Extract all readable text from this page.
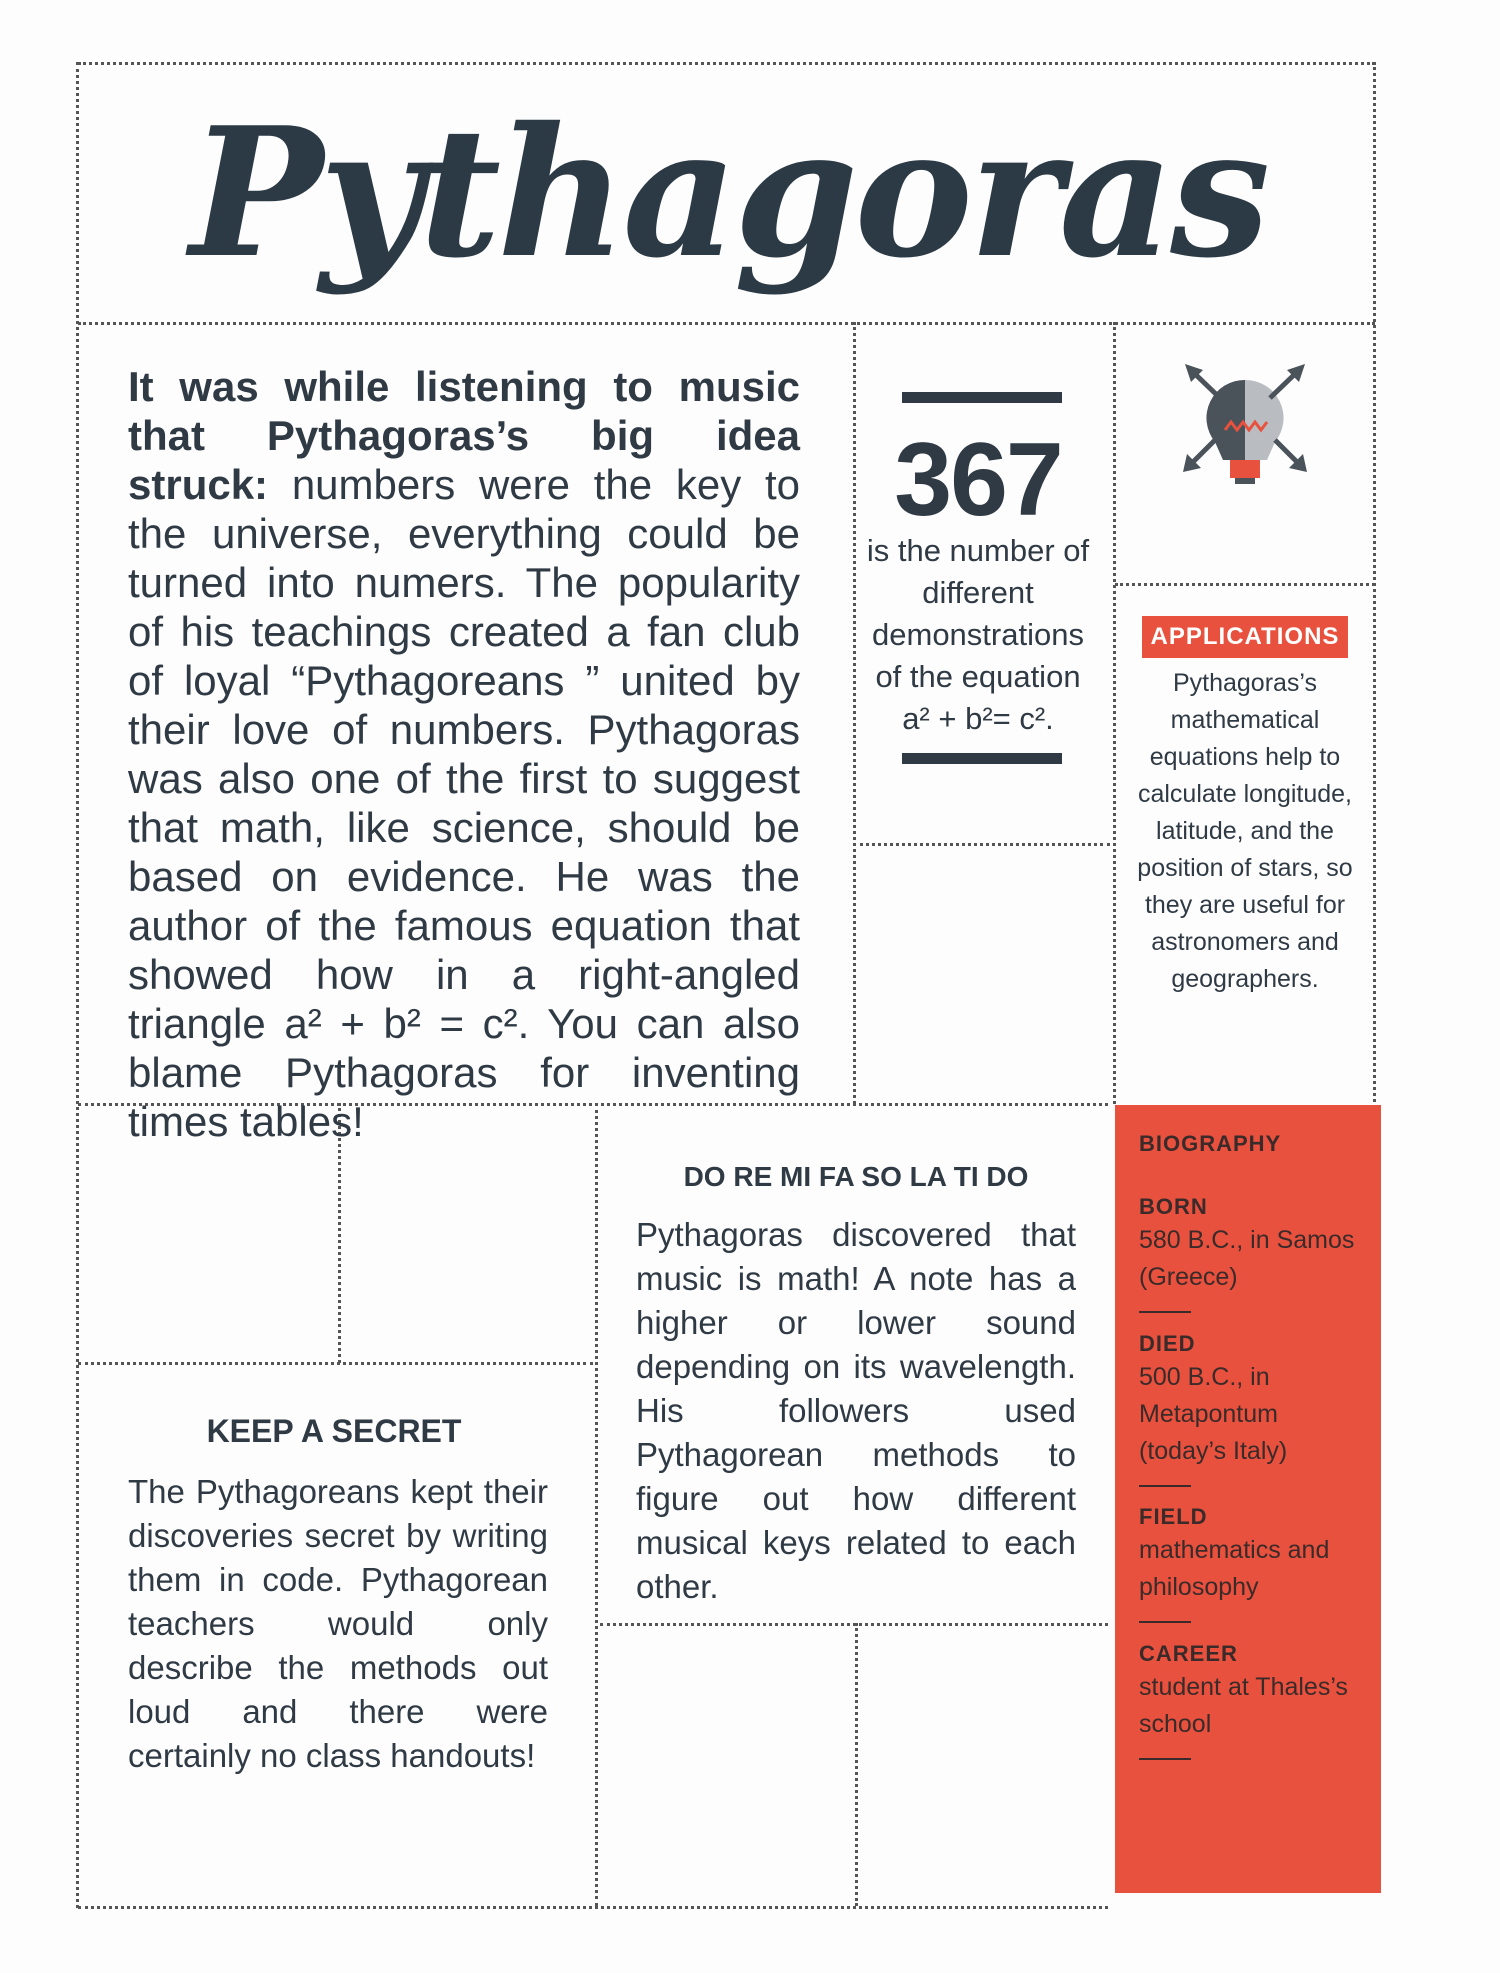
Pythagoras

It was while listening to music that Pythagoras’s big idea struck: numbers were the key to the universe, everything could be turned into numers. The popularity of his teachings created a fan club of loyal “Pythagoreans ” united by their love of numbers. Pythagoras was also one of the first to suggest that math, like science, should be based on evidence. He was the author of the famous equation that showed how in a right-angled triangle a² + b² = c². You can also blame Pythagoras for inventing times tables!

367
is the number of different demonstrations of the equation
a² + b²= c².
APPLICATIONS
Pythagoras’s mathematical equations help to calculate longitude, latitude, and the position of stars, so they are useful for astronomers and geographers.
BIOGRAPHY
BORN
580 B.C., in Samos (Greece)
DIED
500 B.C., in Metapontum (today’s Italy)
FIELD
mathematics and philosophy
CAREER
student at Thales’s school
KEEP A SECRET

The Pythagoreans kept their discoveries secret by writing them in code. Pythagorean teachers would only describe the methods out loud and there were certainly no class handouts!

DO RE MI FA SO LA TI DO

Pythagoras discovered that music is math! A note has a higher or lower sound depending on its wavelength. His followers used Pythagorean methods to figure out how different musical keys related to each other.
